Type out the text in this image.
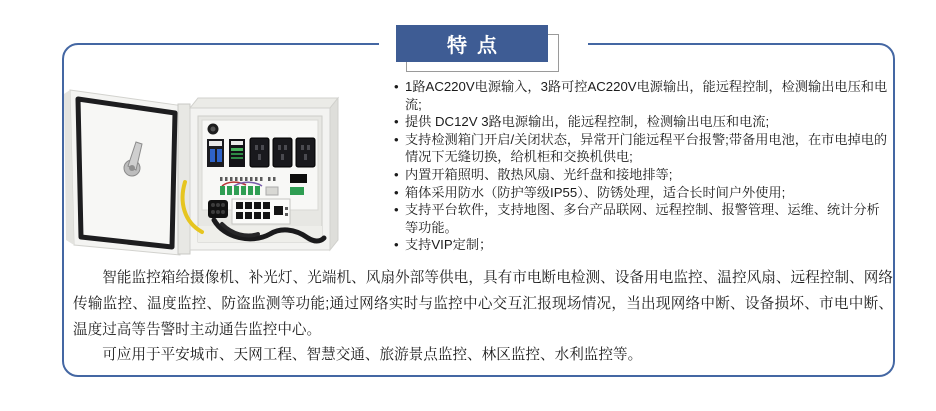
特点
• 1路AC220V电源输入，3路可控AC220V电源输出，能远程控制，检测输出电压和电流;
• 提供 DC12V 3路电源输出，能远程控制，检测输出电压和电流;
• 支持检测箱门开启/关闭状态，异常开门能远程平台报警;带备用电池，在市电掉电的情况下无缝切换，给机柜和交换机供电;
• 内置开箱照明、散热风扇、光纤盘和接地排等;
• 箱体采用防水（防护等级IP55）、防锈处理，适合长时间户外使用;
• 支持平台软件，支持地图、多台产品联网、远程控制、报警管理、运维、统计分析等功能。
• 支持VIP定制；

智能监控箱给摄像机、补光灯、光端机、风扇外部等供电，具有市电断电检测、设备用电监控、温控风扇、远程控制、网络传输监控、温度监控、防盗监测等功能;通过网络实时与监控中心交互汇报现场情况，当出现网络中断、设备损坏、市电中断、温度过高等告警时主动通告监控中心。

可应用于平安城市、天网工程、智慧交通、旅游景点监控、林区监控、水利监控等。
